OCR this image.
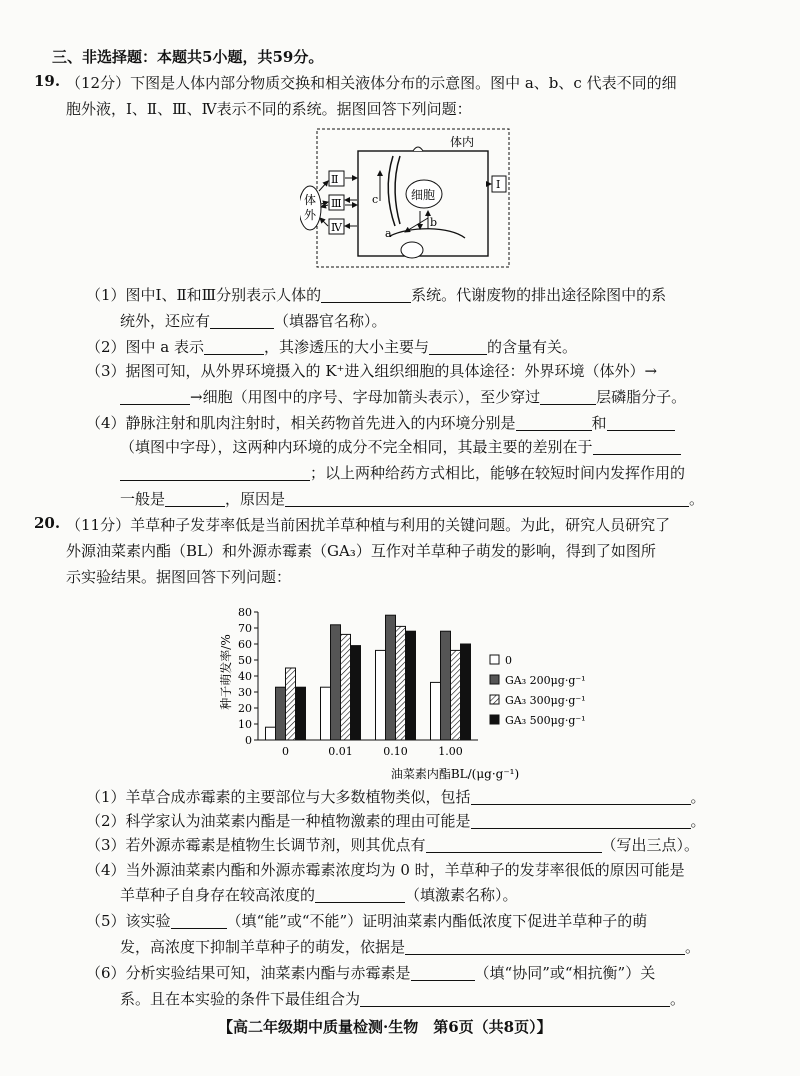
三、非选择题：本题共5小题，共59分。
19. （12分）下图是人体内部分物质交换和相关液体分布的示意图。图中 a、b、c 代表不同的细
胞外液，Ⅰ、Ⅱ、Ⅲ、Ⅳ表示不同的系统。据图回答下列问题：
体内
体
外
Ⅱ
Ⅲ
Ⅳ
Ⅰ
细胞
c
b
a
（1）图中Ⅰ、Ⅱ和Ⅲ分别表示人体的	系统。代谢废物的排出途径除图中的系
统外，还应有	（填器官名称）。
（2）图中 a 表示	，其渗透压的大小主要与	的含量有关。
（3）据图可知，从外界环境摄入的 K⁺进入组织细胞的具体途径：外界环境（体外）→
→细胞（用图中的序号、字母加箭头表示），至少穿过	层磷脂分子。
（4）静脉注射和肌肉注射时，相关药物首先进入的内环境分别是	和
（填图中字母），这两种内环境的成分不完全相同，其最主要的差别在于
；以上两种给药方式相比，能够在较短时间内发挥作用的
一般是	，原因是	。
20. （11分）羊草种子发芽率低是当前困扰羊草种植与利用的关键问题。为此，研究人员研究了
外源油菜素内酯（BL）和外源赤霉素（GA₃）互作对羊草种子萌发的影响，得到了如图所
示实验结果。据图回答下列问题：
0
10
20
30
40
50
60
70
80
0	0.01	0.10	1.00
油菜素内酯BL/(μg·g⁻¹)
种子萌发率/%	0
GA₃ 200μg·g⁻¹
GA₃ 300μg·g⁻¹
GA₃ 500μg·g⁻¹
（1）羊草合成赤霉素的主要部位与大多数植物类似，包括	。
（2）科学家认为油菜素内酯是一种植物激素的理由可能是	。
（3）若外源赤霉素是植物生长调节剂，则其优点有	（写出三点）。
（4）当外源油菜素内酯和外源赤霉素浓度均为 0 时，羊草种子的发芽率很低的原因可能是
羊草种子自身存在较高浓度的	（填激素名称）。
（5）该实验	（填“能”或“不能”）证明油菜素内酯低浓度下促进羊草种子的萌
发，高浓度下抑制羊草种子的萌发，依据是	。
（6）分析实验结果可知，油菜素内酯与赤霉素是	（填“协同”或“相抗衡”）关
系。且在本实验的条件下最佳组合为	。
【高二年级期中质量检测·生物　第6页（共8页）】
